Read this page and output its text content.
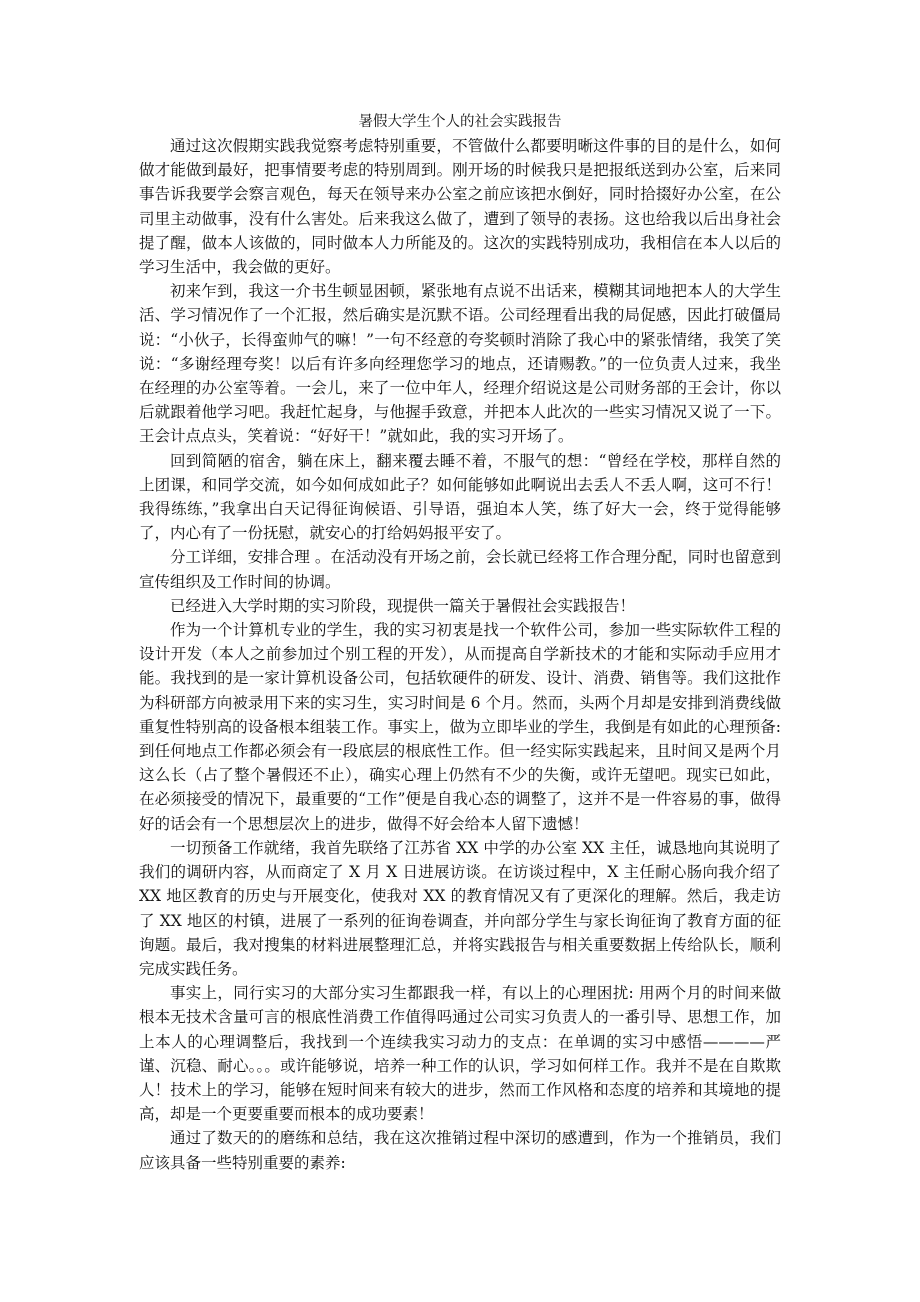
暑假大学生个人的社会实践报告

通过这次假期实践我觉察考虑特别重要，不管做什么都要明晰这件事的目的是什么，如何做才能做到最好，把事情要考虑的特别周到。刚开场的时候我只是把报纸送到办公室，后来同事告诉我要学会察言观色，每天在领导来办公室之前应该把水倒好，同时拾掇好办公室，在公司里主动做事，没有什么害处。后来我这么做了，遭到了领导的表扬。这也给我以后出身社会提了醒，做本人该做的，同时做本人力所能及的。这次的实践特别成功，我相信在本人以后的学习生活中，我会做的更好。

初来乍到，我这一介书生顿显困顿，紧张地有点说不出话来，模糊其词地把本人的大学生活、学习情况作了一个汇报，然后确实是沉默不语。公司经理看出我的局促感，因此打破僵局说：“小伙子，长得蛮帅气的嘛！”一句不经意的夸奖顿时消除了我心中的紧张情绪，我笑了笑说：“多谢经理夸奖！以后有许多向经理您学习的地点，还请赐教。”的一位负责人过来，我坐在经理的办公室等着。一会儿，来了一位中年人，经理介绍说这是公司财务部的王会计，你以后就跟着他学习吧。我赶忙起身，与他握手致意，并把本人此次的一些实习情况又说了一下。王会计点点头，笑着说：“好好干！”就如此，我的实习开场了。

回到简陋的宿舍，躺在床上，翻来覆去睡不着，不服气的想：“曾经在学校，那样自然的上团课，和同学交流，如今如何成如此子？如何能够如此啊说出去丢人不丢人啊，这可不行！我得练练，”我拿出白天记得征询候语、引导语，强迫本人笑，练了好大一会，终于觉得能够了，内心有了一份抚慰，就安心的打给妈妈报平安了。

分工详细，安排合理 。在活动没有开场之前，会长就已经将工作合理分配，同时也留意到宣传组织及工作时间的协调。

已经进入大学时期的实习阶段，现提供一篇关于暑假社会实践报告！

作为一个计算机专业的学生，我的实习初衷是找一个软件公司，参加一些实际软件工程的设计开发（本人之前参加过个别工程的开发），从而提高自学新技术的才能和实际动手应用才能。我找到的是一家计算机设备公司，包括软硬件的研发、设计、消费、销售等。我们这批作为科研部方向被录用下来的实习生，实习时间是 6 个月。然而，头两个月却是安排到消费线做重复性特别高的设备根本组装工作。事实上，做为立即毕业的学生，我倒是有如此的心理预备: 到任何地点工作都必须会有一段底层的根底性工作。但一经实际实践起来，且时间又是两个月这么长（占了整个暑假还不止），确实心理上仍然有不少的失衡，或许无望吧。现实已如此，在必须接受的情况下，最重要的“工作”便是自我心态的调整了，这并不是一件容易的事，做得好的话会有一个思想层次上的进步，做得不好会给本人留下遗憾！

一切预备工作就绪，我首先联络了江苏省 XX 中学的办公室 XX 主任，诚恳地向其说明了我们的调研内容，从而商定了 X 月 X 日进展访谈。在访谈过程中，X 主任耐心肠向我介绍了 XX 地区教育的历史与开展变化，使我对 XX 的教育情况又有了更深化的理解。然后，我走访了 XX 地区的村镇，进展了一系列的征询卷调查，并向部分学生与家长询征询了教育方面的征询题。最后，我对搜集的材料进展整理汇总，并将实践报告与相关重要数据上传给队长，顺利完成实践任务。

事实上，同行实习的大部分实习生都跟我一样，有以上的心理困扰: 用两个月的时间来做根本无技术含量可言的根底性消费工作值得吗通过公司实习负责人的一番引导、思想工作，加上本人的心理调整后，我找到一个连续我实习动力的支点：在单调的实习中感悟————严谨、沉稳、耐心。。。或许能够说，培养一种工作的认识，学习如何样工作。我并不是在自欺欺人！技术上的学习，能够在短时间来有较大的进步，然而工作风格和态度的培养和其境地的提高，却是一个更要重要而根本的成功要素！

通过了数天的的磨练和总结，我在这次推销过程中深切的感遭到，作为一个推销员，我们应该具备一些特别重要的素养:
